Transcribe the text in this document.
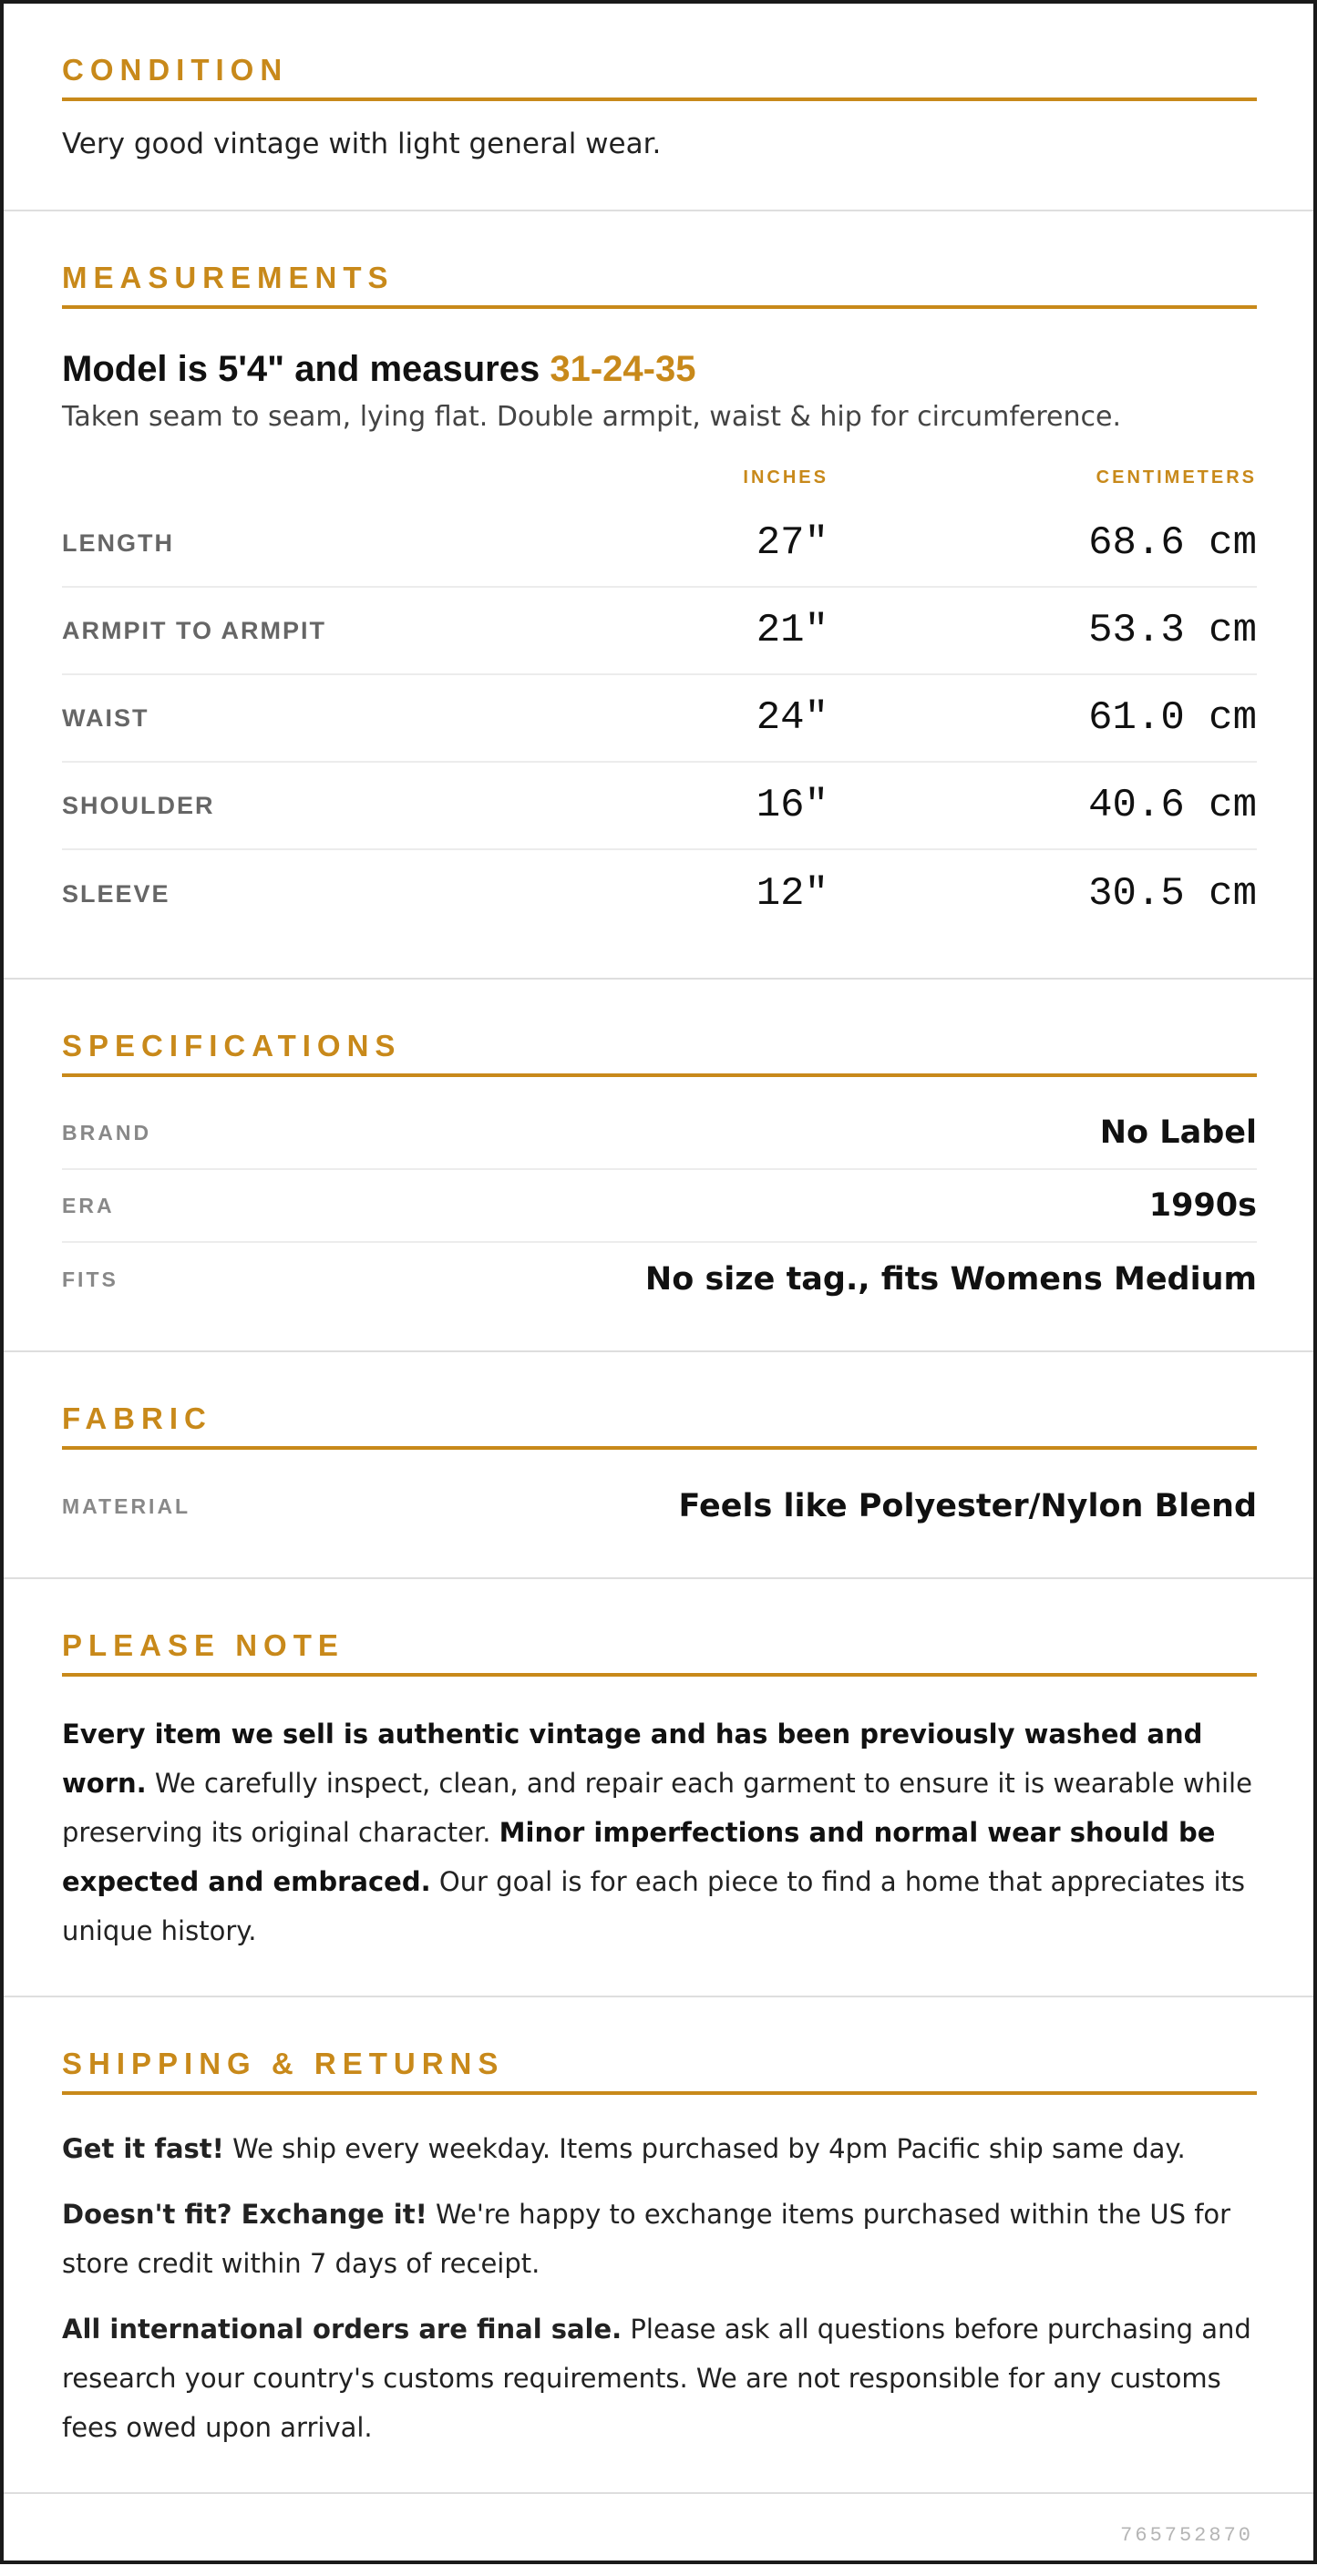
CONDITION
Very good vintage with light general wear.
MEASUREMENTS
Model is 5'4" and measures 31-24-35
Taken seam to seam, lying flat. Double armpit, waist & hip for circumference.
INCHES	CENTIMETERS
LENGTH	27"	68.6 cm
ARMPIT TO ARMPIT	21"	53.3 cm
WAIST	24"	61.0 cm
SHOULDER	16"	40.6 cm
SLEEVE	12"	30.5 cm
SPECIFICATIONS
BRAND	No Label
ERA	1990s
FITS	No size tag., fits Womens Medium
FABRIC
MATERIAL	Feels like Polyester/Nylon Blend
PLEASE NOTE
Every item we sell is authentic vintage and has been previously washed and worn. We carefully inspect, clean, and repair each garment to ensure it is wearable while preserving its original character. Minor imperfections and normal wear should be expected and embraced. Our goal is for each piece to find a home that appreciates its unique history.
SHIPPING & RETURNS

Get it fast! We ship every weekday. Items purchased by 4pm Pacific ship same day.

Doesn't fit? Exchange it! We're happy to exchange items purchased within the US for store credit within 7 days of receipt.

All international orders are final sale. Please ask all questions before purchasing and research your country's customs requirements. We are not responsible for any customs fees owed upon arrival.

765752870
